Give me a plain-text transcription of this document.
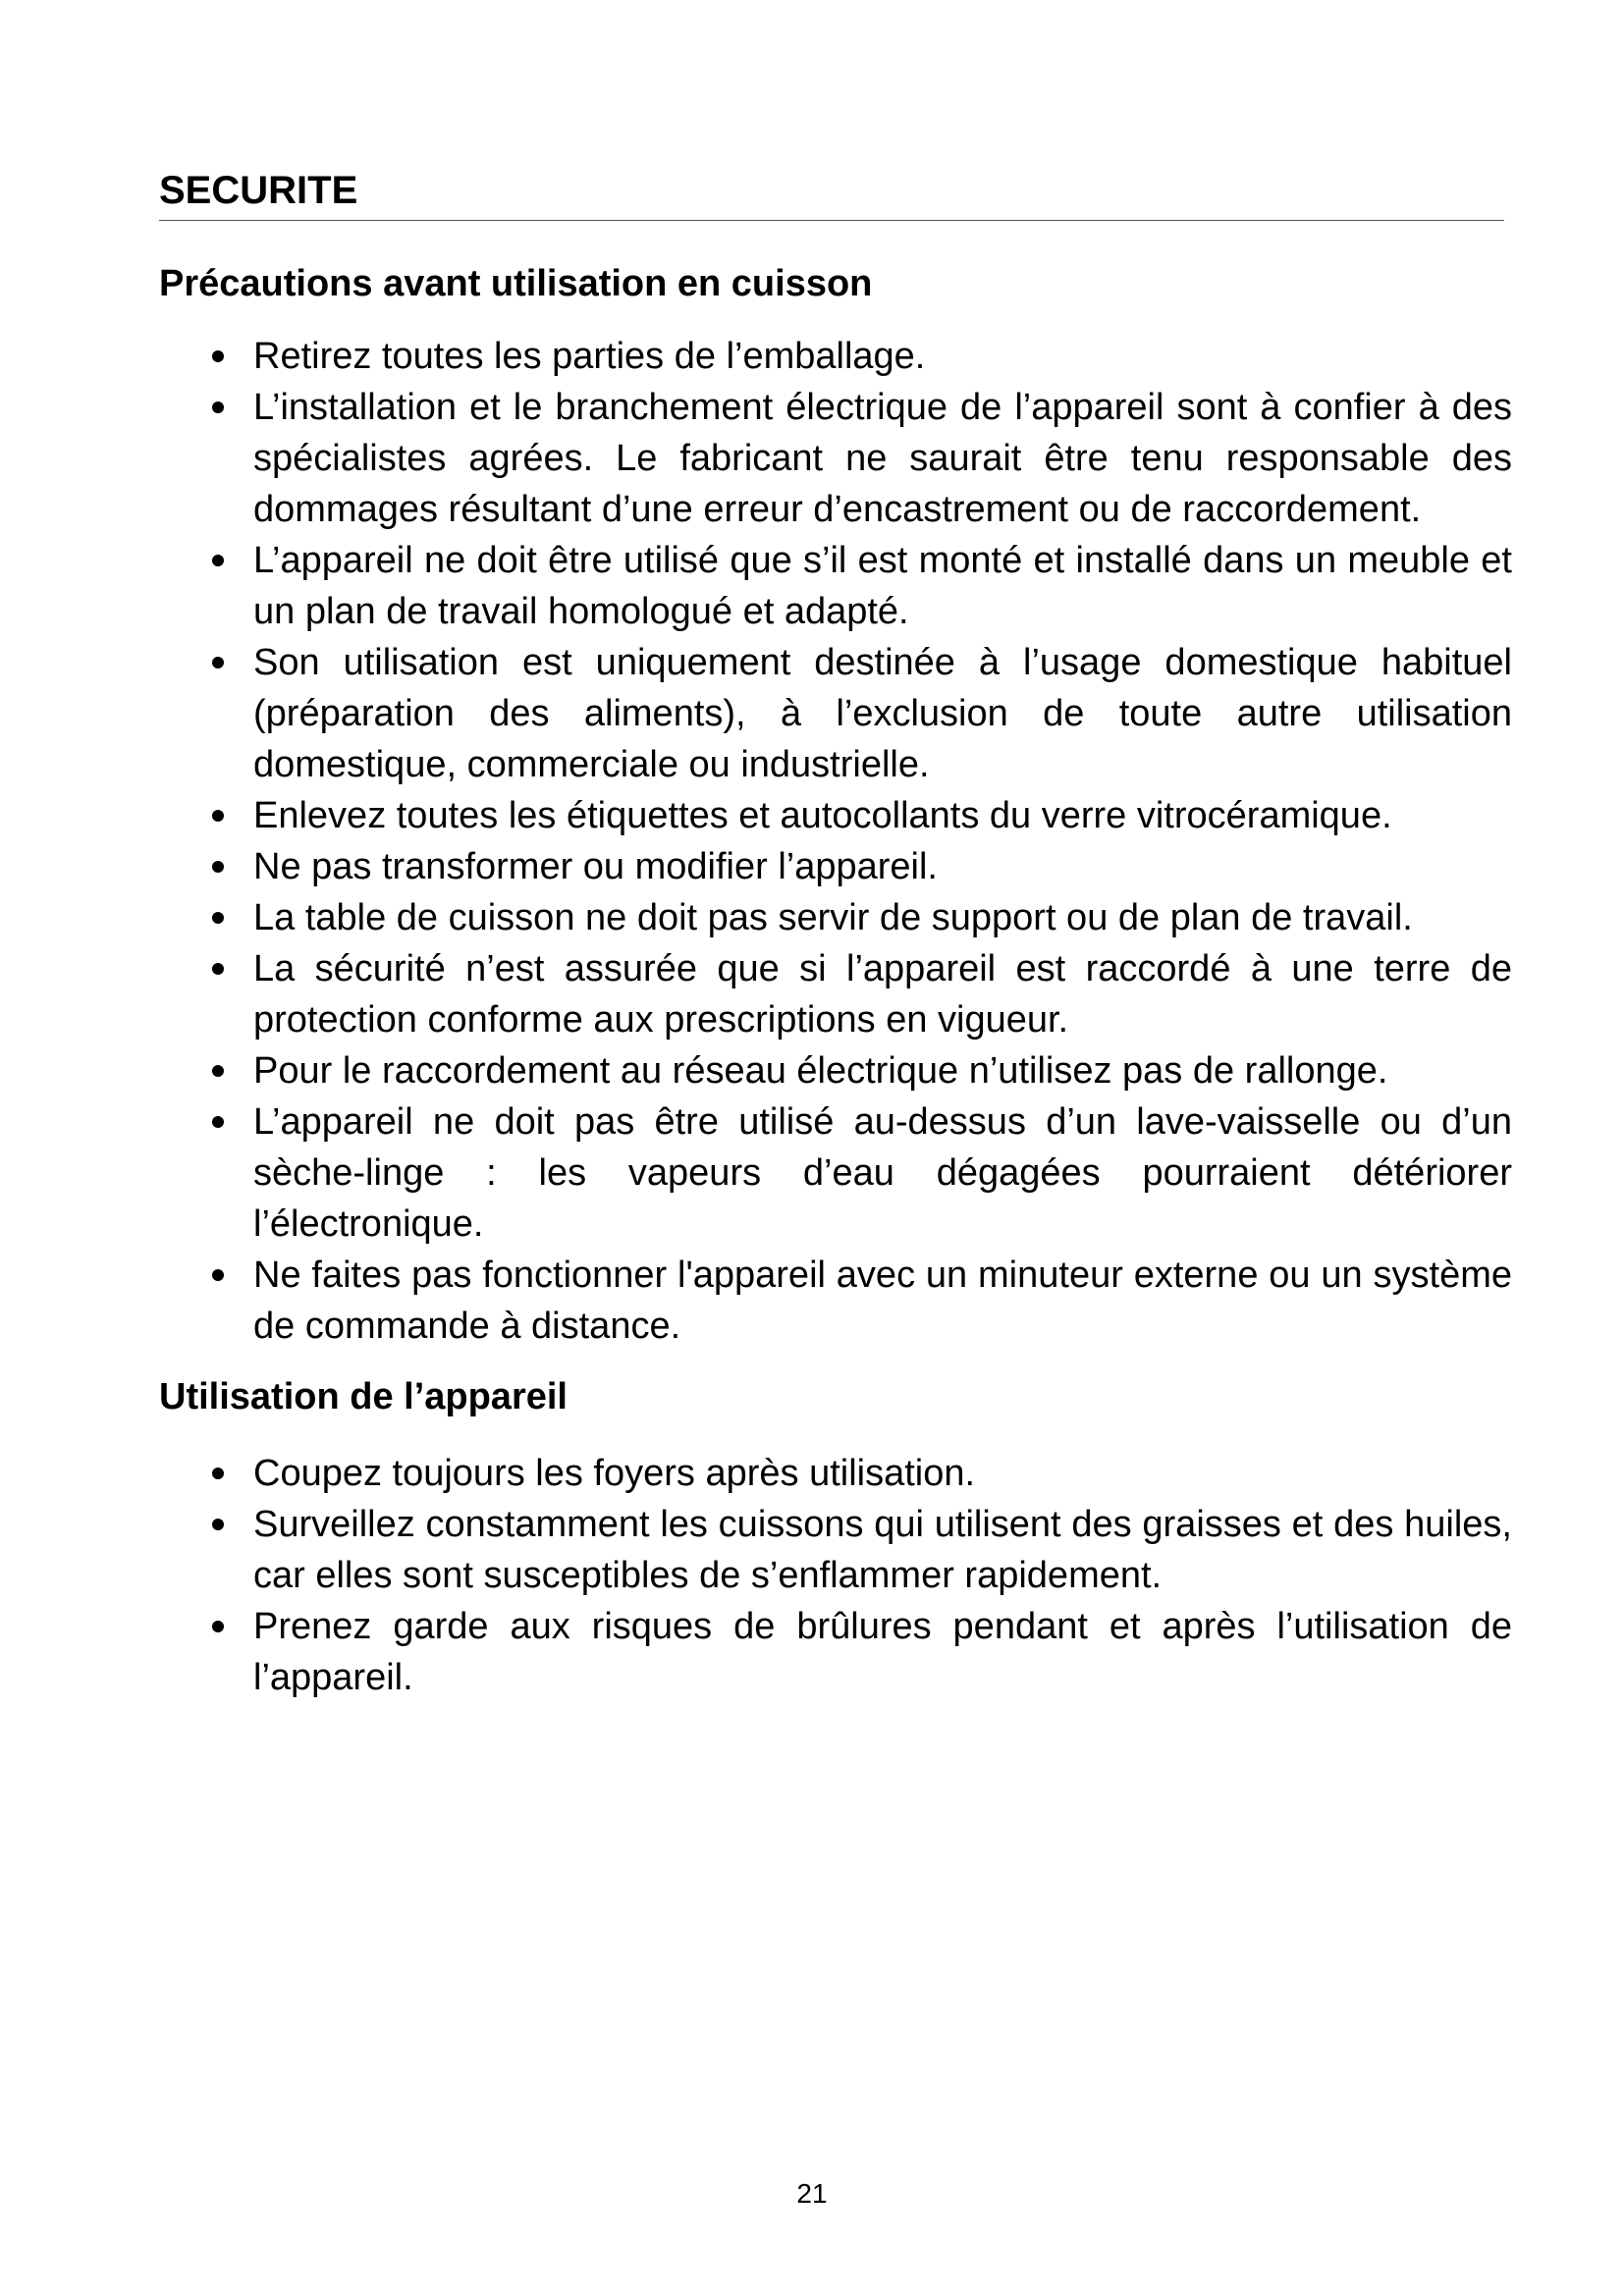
SECURITE
Précautions avant utilisation en cuisson
Retirez toutes les parties de l’emballage.
L’installation et le branchement électrique de l’appareil sont à confier à des spécialistes agrées. Le fabricant ne saurait être tenu responsable des dommages résultant d’une erreur d’encastrement ou de raccordement.
L’appareil ne doit être utilisé que s’il est monté et installé dans un meuble et un plan de travail homologué et adapté.
Son utilisation est uniquement destinée à l’usage domestique habituel (préparation des aliments), à l’exclusion de toute autre utilisation domestique, commerciale ou industrielle.
Enlevez toutes les étiquettes et autocollants du verre vitrocéramique.
Ne pas transformer ou modifier l’appareil.
La table de cuisson ne doit pas servir de support ou de plan de travail.
La sécurité n’est assurée que si l’appareil est raccordé à une terre de protection conforme aux prescriptions en vigueur.
Pour le raccordement au réseau électrique n’utilisez pas de rallonge.
L’appareil ne doit pas être utilisé au-dessus d’un lave-vaisselle ou d’un sèche-linge : les vapeurs d’eau dégagées pourraient détériorer l’électronique.
Ne faites pas fonctionner l'appareil avec un minuteur externe ou un système de commande à distance.
Utilisation de l’appareil
Coupez toujours les foyers après utilisation.
Surveillez constamment les cuissons qui utilisent des graisses et des huiles, car elles sont susceptibles de s’enflammer rapidement.
Prenez garde aux risques de brûlures pendant et après l’utilisation de l’appareil.
21
